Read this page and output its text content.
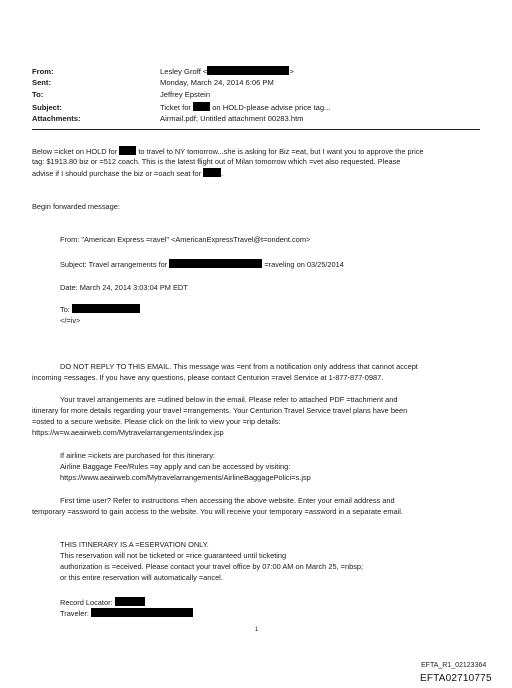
From:	Lesley Groff <	>
Sent:	Monday, March 24, 2014 6:06 PM
To:	Jeffrey Epstein
Subject:	Ticket for	on HOLD-please advise price tag...
Attachments:	Airmail.pdf; Untitled attachment 00283.htm
Below =icket on HOLD for	to travel to NY tomorrow...she is asking for Biz =eat, but I want you to approve the price
tag: $1913.80 biz or =512 coach. This is the latest flight out of Milan tomorrow which =vet also requested. Please
advise if I should purchase the biz or =oach seat for	.
Begin forwarded message:
From: "American Express =ravel" <AmericanExpressTravel@t=ondent.com>
Subject: Travel arrangements for	=raveling on 03/25/2014
Date: March 24, 2014 3:03:04 PM EDT
To:
</=iv>
DO NOT REPLY TO THIS EMAIL. This message was =ent from a notification only address that cannot accept
incoming =essages. If you have any questions, please contact Centurion =ravel Service at 1-877-877-0987.
Your travel arrangements are =utlined below in the email. Please refer to attached PDF =ttachment and
itinerary for more details regarding your travel =rrangements. Your Centurion Travel Service travel plans have been
=osted to a secure website. Please click on the link to view your =rip details:
https://w=w.aeairweb.com/Mytravelarrangements/index.jsp
If airline =ickets are purchased for this itinerary:
Airline Baggage Fee/Rules =ay apply and can be accessed by visiting:
https://www.aeairweb.com/Mytravelarrangements/AirlineBaggagePolici=s.jsp
First time user? Refer to instructions =hen accessing the above website. Enter your email address and
temporary =assword to gain access to the website. You will receive your temporary =assword in a separate email.
THIS ITINERARY IS A =ESERVATION ONLY.
This reservation will not be ticketed or =rice guaranteed until ticketing
authorization is =eceived. Please contact your travel office by 07:00 AM on March 25, =nbsp;
or this entire reservation will automatically =ancel.
Record Locator:
Traveler:
1
EFTA_R1_02123364
EFTA02710775
